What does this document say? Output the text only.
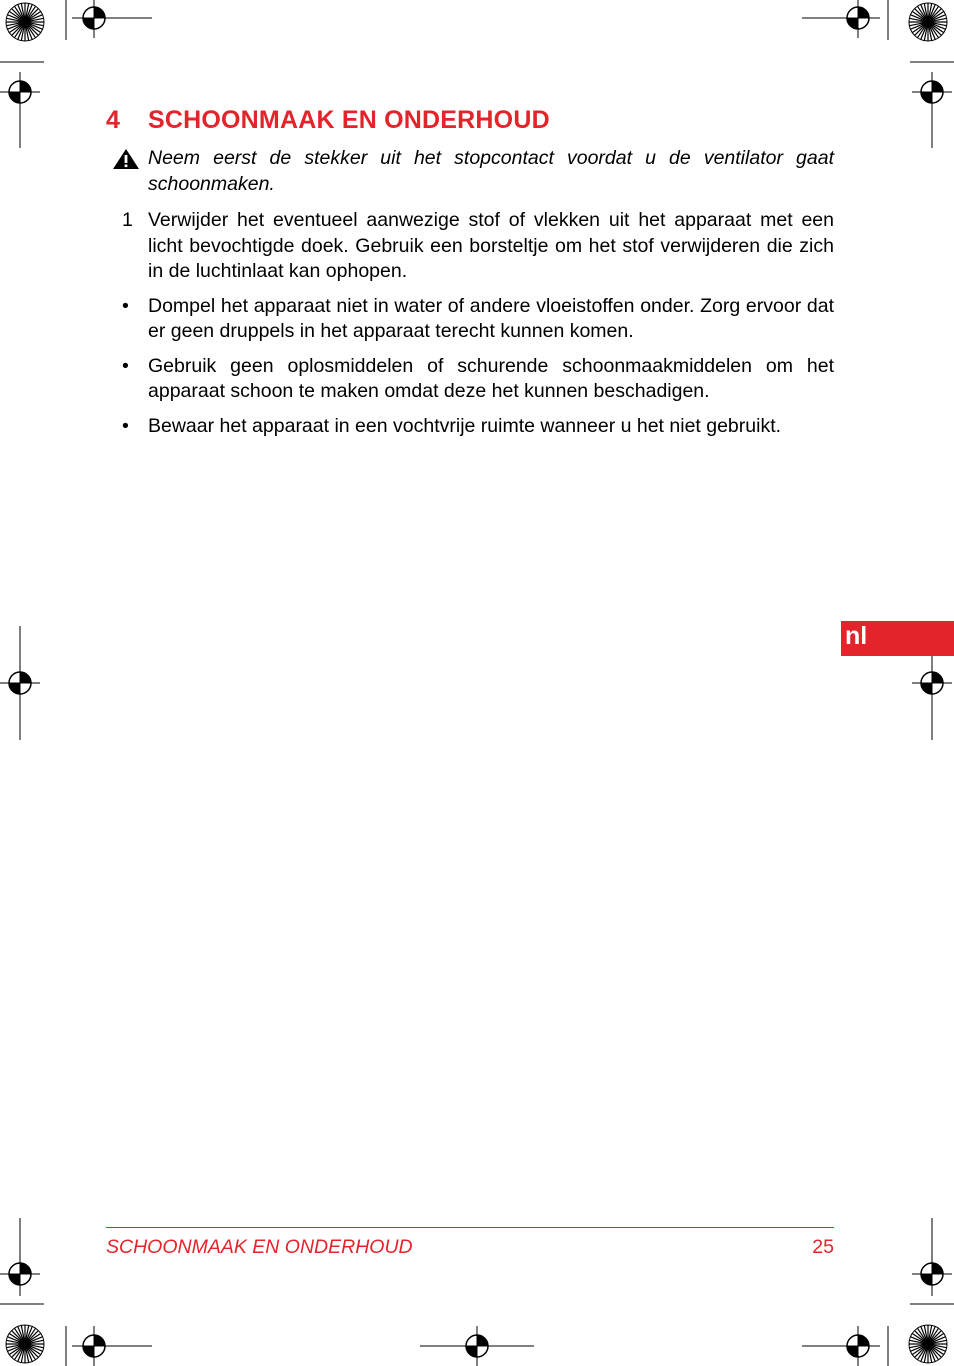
4 SCHOONMAAK EN ONDERHOUD

Neem eerst de stekker uit het stopcontact voordat u de ventilator gaat schoonmaken.

1 Verwijder het eventueel aanwezige stof of vlekken uit het apparaat met een licht bevochtigde doek. Gebruik een borsteltje om het stof verwijderen die zich in de luchtinlaat kan ophopen.

• Dompel het apparaat niet in water of andere vloeistoffen onder. Zorg ervoor dat er geen druppels in het apparaat terecht kunnen komen.

• Gebruik geen oplosmiddelen of schurende schoonmaakmiddelen om het apparaat schoon te maken omdat deze het kunnen beschadigen.

• Bewaar het apparaat in een vochtvrije ruimte wanneer u het niet gebruikt.

nl
SCHOONMAAK EN ONDERHOUD	25
